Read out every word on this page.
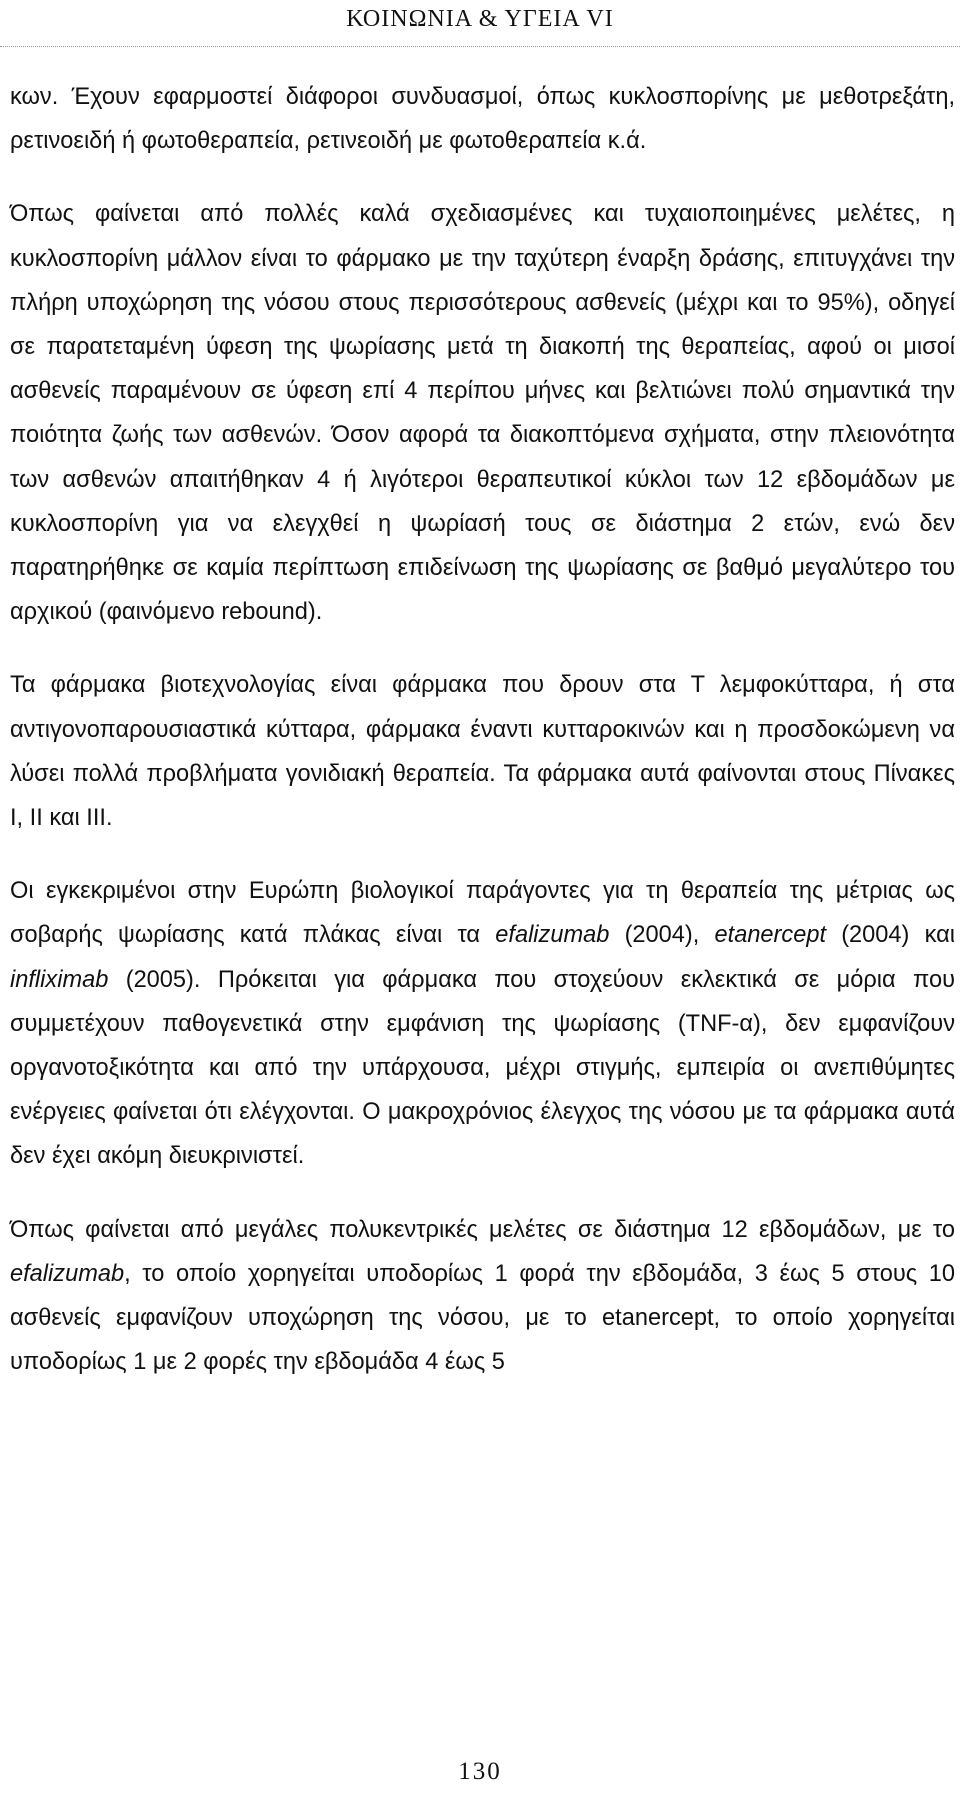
ΚΟΙΝΩΝΙΑ & ΥΓΕΙΑ VI

κων. Έχουν εφαρμοστεί διάφοροι συνδυασμοί, όπως κυκλοσπορίνης με μεθοτρεξάτη, ρετινοειδή ή φωτοθεραπεία, ρετινεοιδή με φωτοθεραπεία κ.ά.

Όπως φαίνεται από πολλές καλά σχεδιασμένες και τυχαιοποιημένες μελέτες, η κυκλοσπορίνη μάλλον είναι το φάρμακο με την ταχύτερη έναρξη δράσης, επιτυγχάνει την πλήρη υποχώρηση της νόσου στους περισσότερους ασθενείς (μέχρι και το 95%), οδηγεί σε παρατεταμένη ύφεση της ψωρίασης μετά τη διακοπή της θεραπείας, αφού οι μισοί ασθενείς παραμένουν σε ύφεση επί 4 περίπου μήνες και βελτιώνει πολύ σημαντικά την ποιότητα ζωής των ασθενών. Όσον αφορά τα διακοπτόμενα σχήματα, στην πλειονότητα των ασθενών απαιτήθηκαν 4 ή λιγότεροι θεραπευτικοί κύκλοι των 12 εβδομάδων με κυκλοσπορίνη για να ελεγχθεί η ψωρίασή τους σε διάστημα 2 ετών, ενώ δεν παρατηρήθηκε σε καμία περίπτωση επιδείνωση της ψωρίασης σε βαθμό μεγαλύτερο του αρχικού (φαινόμενο rebound).

Τα φάρμακα βιοτεχνολογίας είναι φάρμακα που δρουν στα Τ λεμφοκύτταρα, ή στα αντιγονοπαρουσιαστικά κύτταρα, φάρμακα έναντι κυτταροκινών και η προσδοκώμενη να λύσει πολλά προβλήματα γονιδιακή θεραπεία. Τα φάρμακα αυτά φαίνονται στους Πίνακες I, II και III.

Οι εγκεκριμένοι στην Ευρώπη βιολογικοί παράγοντες για τη θεραπεία της μέτριας ως σοβαρής ψωρίασης κατά πλάκας είναι τα efalizumab (2004), etanercept (2004) και infliximab (2005). Πρόκειται για φάρμακα που στοχεύουν εκλεκτικά σε μόρια που συμμετέχουν παθογενετικά στην εμφάνιση της ψωρίασης (TNF-α), δεν εμφανίζουν οργανοτοξικότητα και από την υπάρχουσα, μέχρι στιγμής, εμπειρία οι ανεπιθύμητες ενέργειες φαίνεται ότι ελέγχονται. Ο μακροχρόνιος έλεγχος της νόσου με τα φάρμακα αυτά δεν έχει ακόμη διευκρινιστεί.

Όπως φαίνεται από μεγάλες πολυκεντρικές μελέτες σε διάστημα 12 εβδομάδων, με το efalizumab, το οποίο χορηγείται υποδορίως 1 φορά την εβδομάδα, 3 έως 5 στους 10 ασθενείς εμφανίζουν υποχώρηση της νόσου, με το etanercept, το οποίο χορηγείται υποδορίως 1 με 2 φορές την εβδομάδα 4 έως 5

130
